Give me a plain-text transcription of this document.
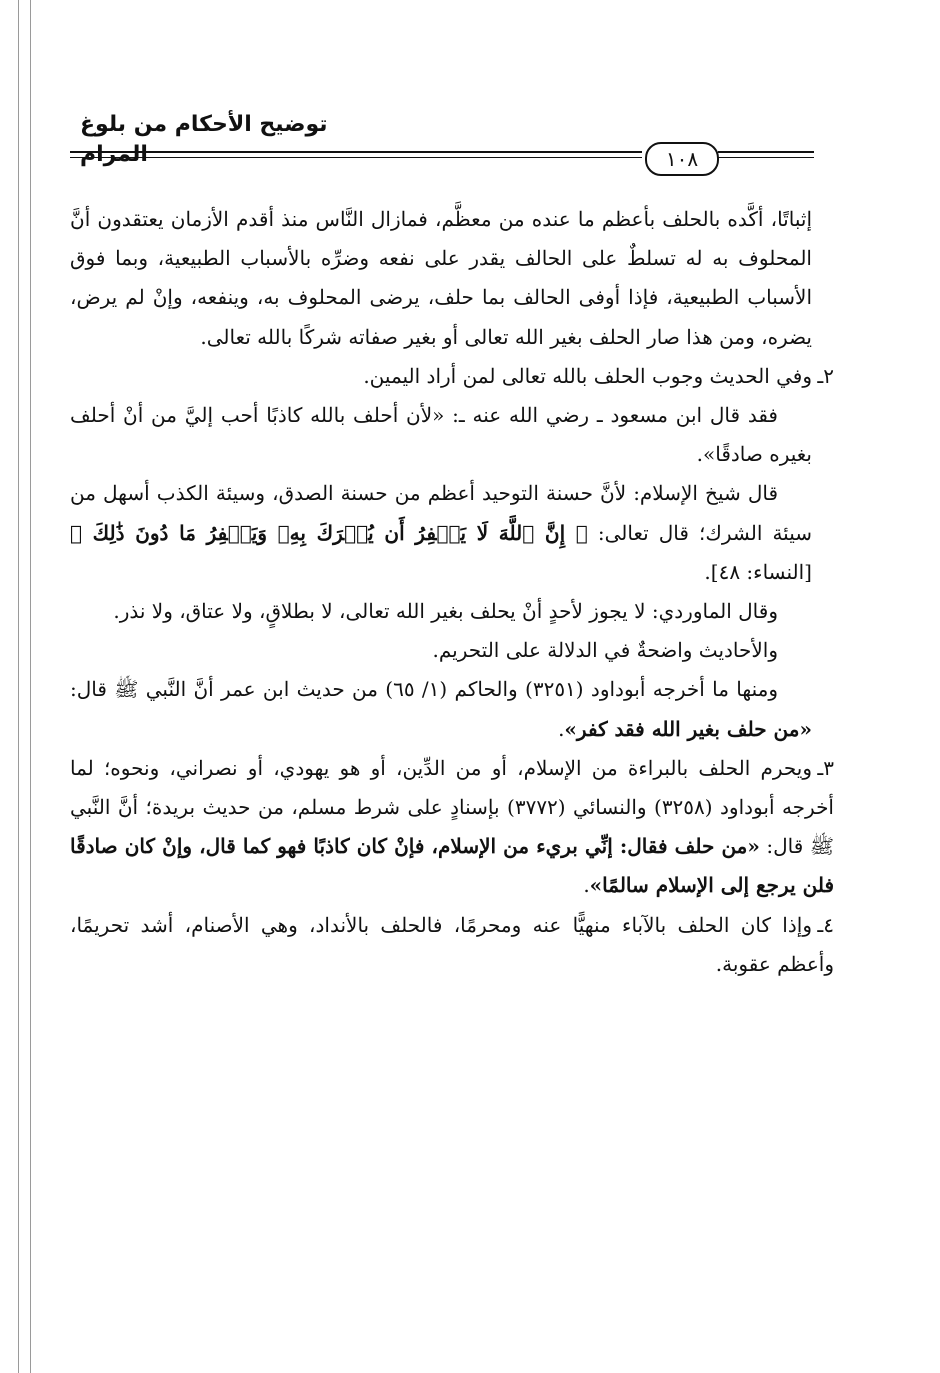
توضيح الأحكام من بلوغ المرام	١٠٨

إثباتًا، أكَّده بالحلف بأعظم ما عنده من معظَّم، فمازال النَّاس منذ أقدم الأزمان يعتقدون أنَّ المحلوف به له تسلطٌ على الحالف يقدر على نفعه وضرِّه بالأسباب الطبيعية، وبما فوق الأسباب الطبيعية، فإذا أوفى الحالف بما حلف، يرضى المحلوف به، وينفعه، وإنْ لم يرض، يضره، ومن هذا صار الحلف بغير الله تعالى أو بغير صفاته شركًا بالله تعالى.

٢ـوفي الحديث وجوب الحلف بالله تعالى لمن أراد اليمين.

فقد قال ابن مسعود ـ رضي الله عنه ـ: «لأن أحلف بالله كاذبًا أحب إليَّ من أنْ أحلف بغيره صادقًا».

قال شيخ الإسلام: لأنَّ حسنة التوحيد أعظم من حسنة الصدق، وسيئة الكذب أسهل من سيئة الشرك؛ قال تعالى: ﴿ إِنَّ ٱللَّهَ لَا يَغۡفِرُ أَن يُشۡرَكَ بِهِۦ وَيَغۡفِرُ مَا دُونَ ذَٰلِكَ ﴾ [النساء: ٤٨].

وقال الماوردي: لا يجوز لأحدٍ أنْ يحلف بغير الله تعالى، لا بطلاقٍ، ولا عتاق، ولا نذر.

والأحاديث واضحةٌ في الدلالة على التحريم.

ومنها ما أخرجه أبوداود (٣٢٥١) والحاكم (١/ ٦٥) من حديث ابن عمر أنَّ النَّبي ﷺ قال: «من حلف بغير الله فقد كفر».

٣ـويحرم الحلف بالبراءة من الإسلام، أو من الدِّين، أو هو يهودي، أو نصراني، ونحوه؛ لما أخرجه أبوداود (٣٢٥٨) والنسائي (٣٧٧٢) بإسنادٍ على شرط مسلم، من حديث بريدة؛ أنَّ النَّبي ﷺ قال: «من حلف فقال: إنِّي بريء من الإسلام، فإنْ كان كاذبًا فهو كما قال، وإنْ كان صادقًا فلن يرجع إلى الإسلام سالمًا».

٤ـوإذا كان الحلف بالآباء منهيًّا عنه ومحرمًا، فالحلف بالأنداد، وهي الأصنام، أشد تحريمًا، وأعظم عقوبة.
